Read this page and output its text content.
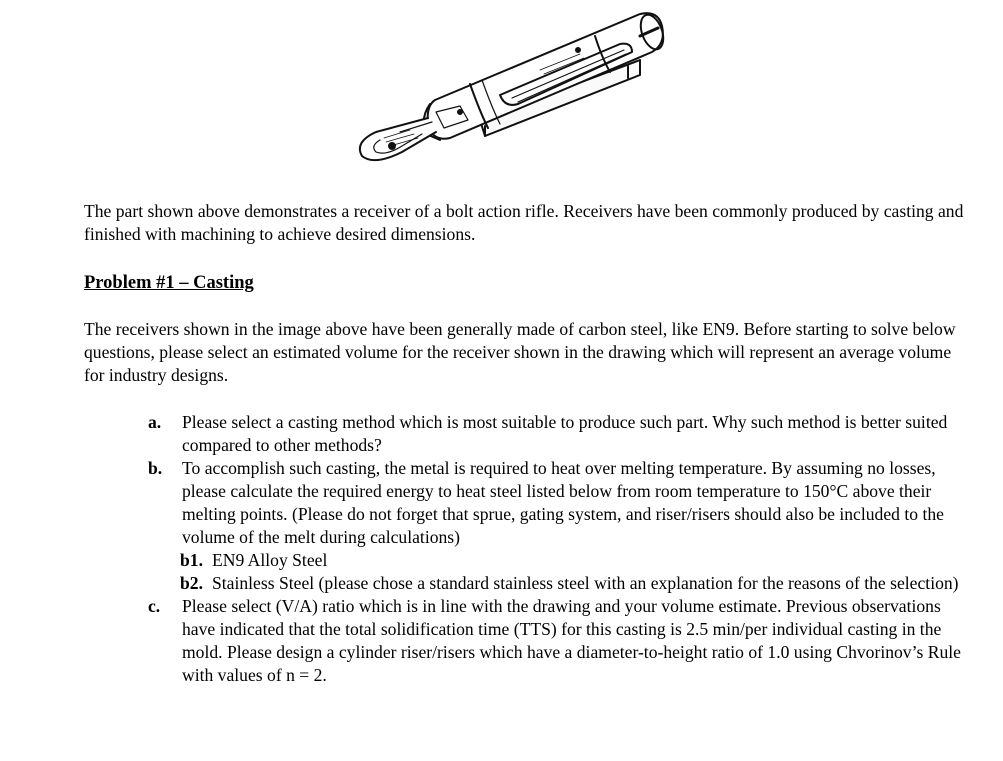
The part shown above demonstrates a receiver of a bolt action rifle. Receivers have been commonly produced by casting and finished with machining to achieve desired dimensions.
Problem #1 – Casting
The receivers shown in the image above have been generally made of carbon steel, like EN9. Before starting to solve below questions, please select an estimated volume for the receiver shown in the drawing which will represent an average volume for industry designs.
a.	Please select a casting method which is most suitable to produce such part. Why such method is better suited compared to other methods?
b.	To accomplish such casting, the metal is required to heat over melting temperature. By assuming no losses, please calculate the required energy to heat steel listed below from room temperature to 150°C above their melting points. (Please do not forget that sprue, gating system, and riser/risers should also be included to the volume of the melt during calculations)
b1. EN9 Alloy Steel
b2. Stainless Steel (please chose a standard stainless steel with an explanation for the reasons of the selection)
c.	Please select (V/A) ratio which is in line with the drawing and your volume estimate. Previous observations have indicated that the total solidification time (TTS) for this casting is 2.5 min/per individual casting in the mold. Please design a cylinder riser/risers which have a diameter-to-height ratio of 1.0 using Chvorinov’s Rule with values of n = 2.
